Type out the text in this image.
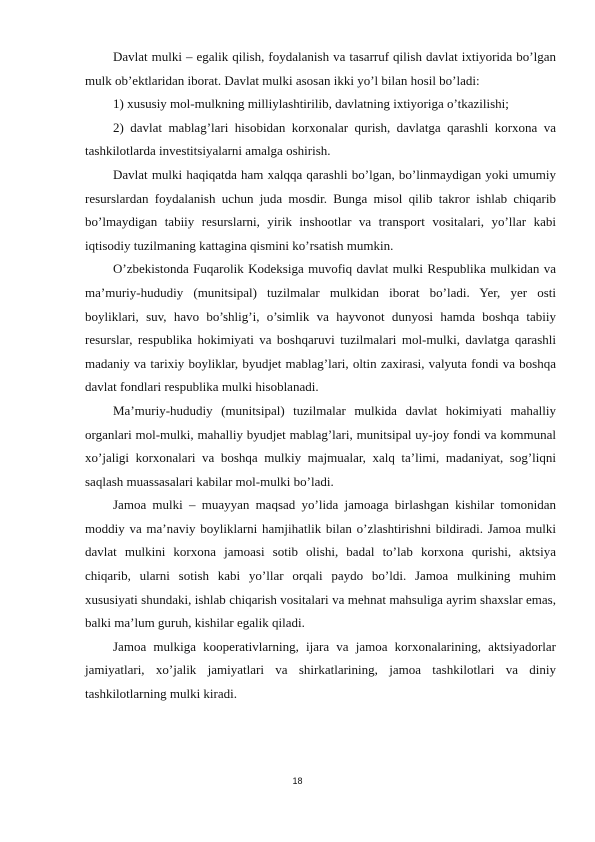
Davlat mulki – egalik qilish, foydalanish va tasarruf qilish davlat ixtiyorida bo’lgan mulk ob’ektlaridan iborat. Davlat mulki asosan ikki yo’l bilan hosil bo’ladi:

1) xususiy mol-mulkning milliylashtirilib, davlatning ixtiyoriga o’tkazilishi;

2) davlat mablag’lari hisobidan korxonalar qurish, davlatga qarashli korxona va tashkilotlarda investitsiyalarni amalga oshirish.

Davlat mulki haqiqatda ham xalqqa qarashli bo’lgan, bo’linmaydigan yoki umumiy resurslardan foydalanish uchun juda mosdir. Bunga misol qilib takror ishlab chiqarib bo’lmaydigan tabiiy resurslarni, yirik inshootlar va transport vositalari, yo’llar kabi iqtisodiy tuzilmaning kattagina qismini ko’rsatish mumkin.

O’zbekistonda Fuqarolik Kodeksiga muvofiq davlat mulki Respublika mulkidan va ma’muriy-hududiy (munitsipal) tuzilmalar mulkidan iborat bo’ladi. Yer, yer osti boyliklari, suv, havo bo’shlig’i, o’simlik va hayvonot dunyosi hamda boshqa tabiiy resurslar, respublika hokimiyati va boshqaruvi tuzilmalari mol-mulki, davlatga qarashli madaniy va tarixiy boyliklar, byudjet mablag’lari, oltin zaxirasi, valyuta fondi va boshqa davlat fondlari respublika mulki hisoblanadi.

Ma’muriy-hududiy (munitsipal) tuzilmalar mulkida davlat hokimiyati mahalliy organlari mol-mulki, mahalliy byudjet mablag’lari, munitsipal uy-joy fondi va kommunal xo’jaligi korxonalari va boshqa mulkiy majmualar, xalq ta’limi, madaniyat, sog’liqni saqlash muassasalari kabilar mol-mulki bo’ladi.

Jamoa mulki – muayyan maqsad yo’lida jamoaga birlashgan kishilar tomonidan moddiy va ma’naviy boyliklarni hamjihatlik bilan o’zlashtirishni bildiradi. Jamoa mulki davlat mulkini korxona jamoasi sotib olishi, badal to’lab korxona qurishi, aktsiya chiqarib, ularni sotish kabi yo’llar orqali paydo bo’ldi. Jamoa mulkining muhim xususiyati shundaki, ishlab chiqarish vositalari va mehnat mahsuliga ayrim shaxslar emas, balki ma’lum guruh, kishilar egalik qiladi.

Jamoa mulkiga kooperativlarning, ijara va jamoa korxonalarining, aktsiyadorlar jamiyatlari, xo’jalik jamiyatlari va shirkatlarining, jamoa tashkilotlari va diniy tashkilotlarning mulki kiradi.

18
